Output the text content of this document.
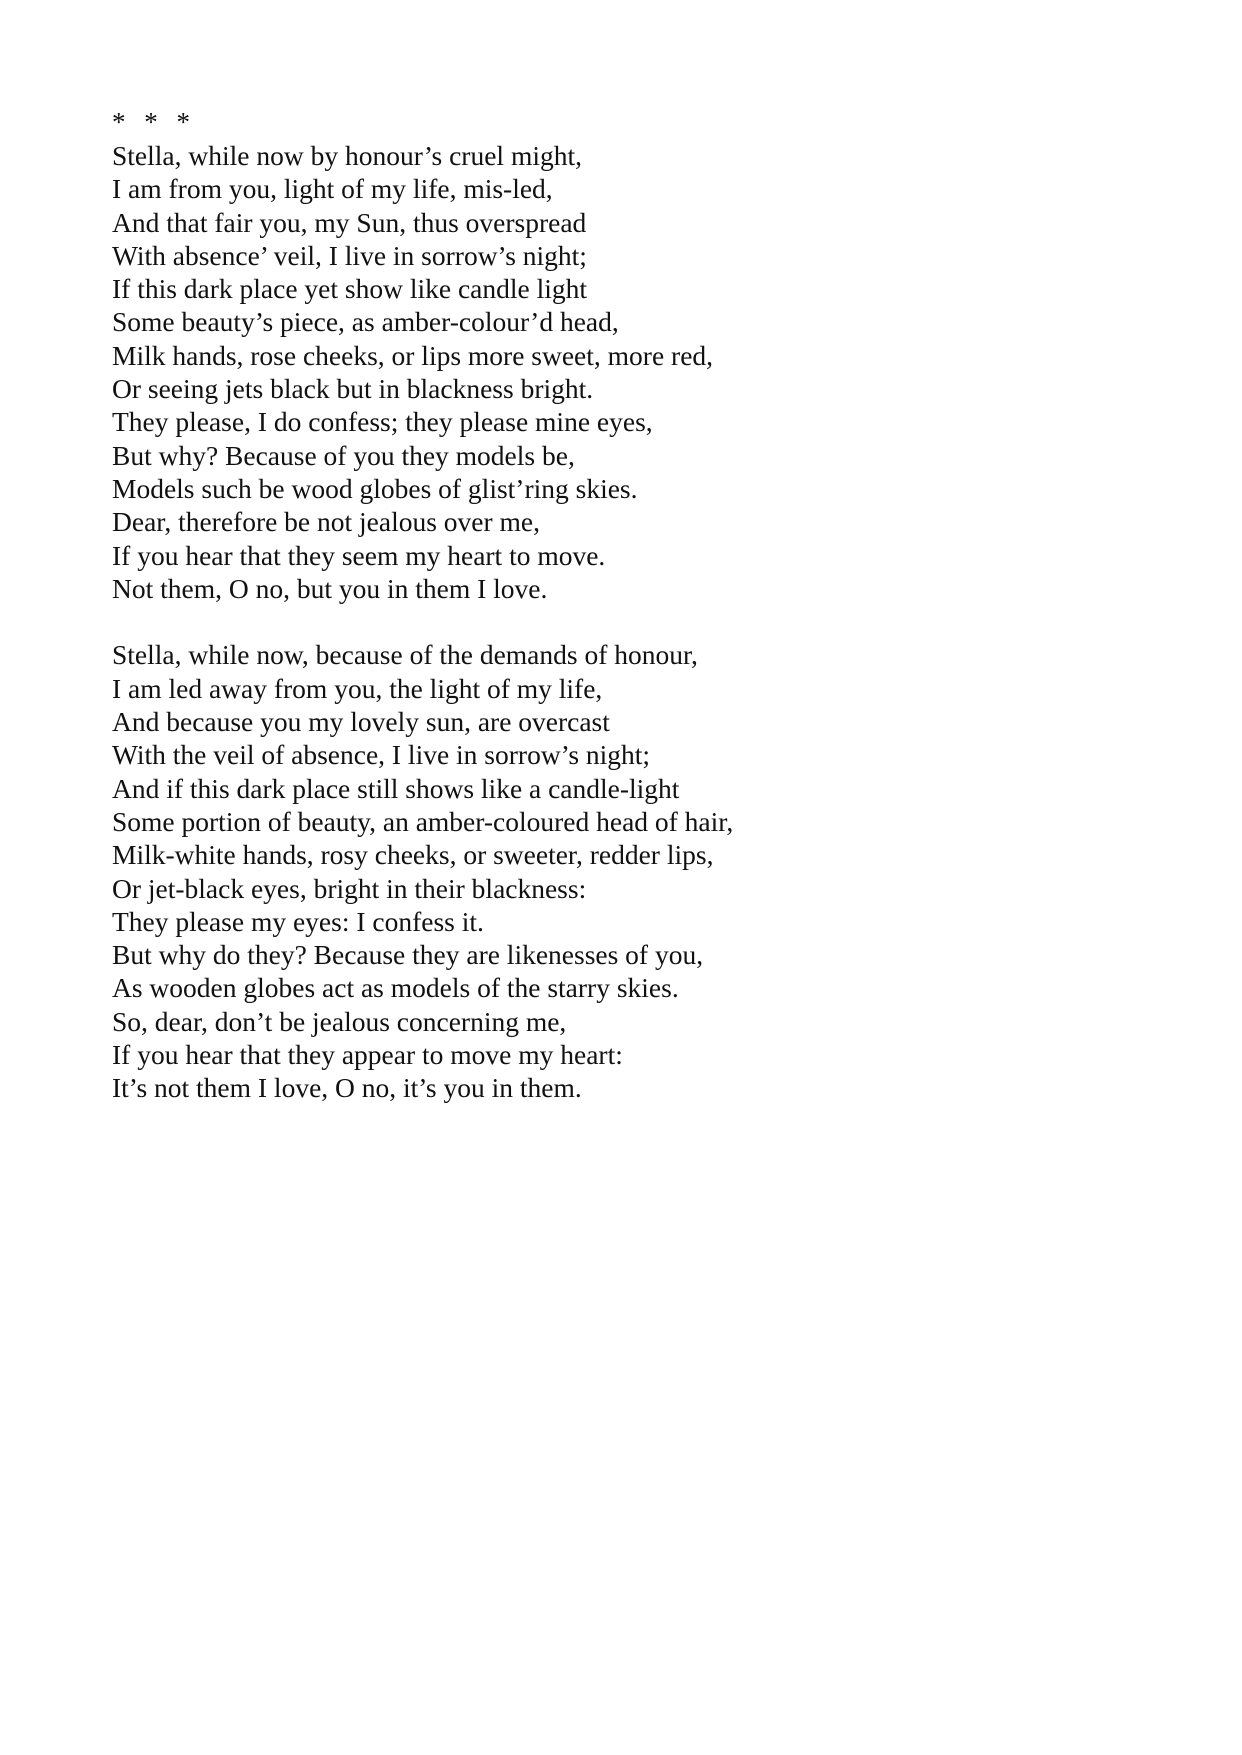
* * *

Stella, while now by honour’s cruel might,
I am from you, light of my life, mis-led,
And that fair you, my Sun, thus overspread
With absence’ veil, I live in sorrow’s night;
If this dark place yet show like candle light
Some beauty’s piece, as amber-colour’d head,
Milk hands, rose cheeks, or lips more sweet, more red,
Or seeing jets black but in blackness bright.
They please, I do confess; they please mine eyes,
But why? Because of you they models be,
Models such be wood globes of glist’ring skies.
Dear, therefore be not jealous over me,
If you hear that they seem my heart to move.
Not them, O no, but you in them I love.
Stella, while now, because of the demands of honour,
I am led away from you, the light of my life,
And because you my lovely sun, are overcast
With the veil of absence, I live in sorrow’s night;
And if this dark place still shows like a candle-light
Some portion of beauty, an amber-coloured head of hair,
Milk-white hands, rosy cheeks, or sweeter, redder lips,
Or jet-black eyes, bright in their blackness:
They please my eyes: I confess it.
But why do they? Because they are likenesses of you,
As wooden globes act as models of the starry skies.
So, dear, don’t be jealous concerning me,
If you hear that they appear to move my heart:
It’s not them I love, O no, it’s you in them.
